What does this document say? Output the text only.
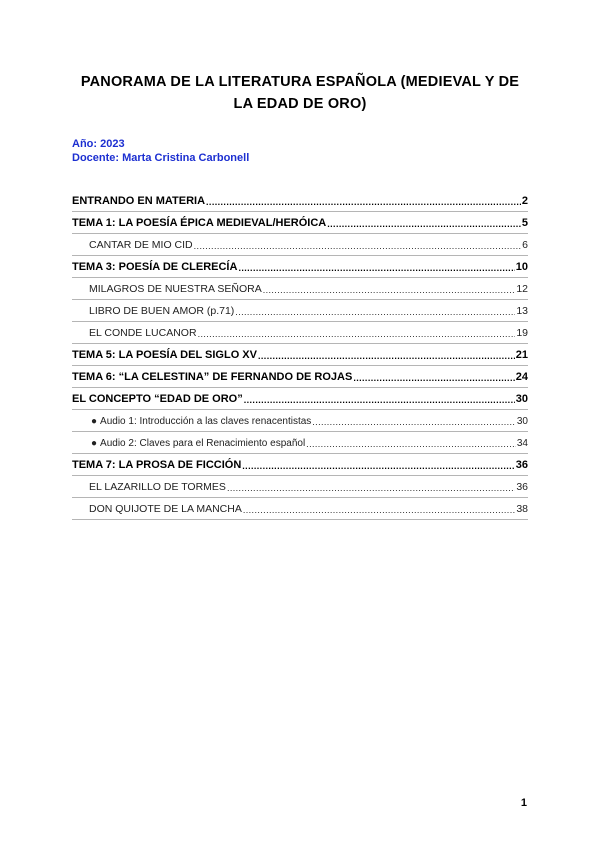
PANORAMA DE LA LITERATURA ESPAÑOLA (MEDIEVAL Y DE
LA EDAD DE ORO)
Año: 2023
Docente: Marta Cristina Carbonell
ENTRANDO EN MATERIA .....	2
TEMA 1: LA POESÍA ÉPICA MEDIEVAL/HERÓICA .....	5
CANTAR DE MIO CID .....	6
TEMA 3: POESÍA DE CLERECÍA .....	10
MILAGROS DE NUESTRA SEÑORA .....	12
LIBRO DE BUEN AMOR (p.71) .....	13
EL CONDE LUCANOR .....	19
TEMA 5: LA POESÍA DEL SIGLO XV .....	21
TEMA 6: “LA CELESTINA” DE FERNANDO DE ROJAS .....	24
EL CONCEPTO “EDAD DE ORO” .....	30
● Audio 1: Introducción a las claves renacentistas .....	30
● Audio 2: Claves para el Renacimiento español .....	34
TEMA 7: LA PROSA DE FICCIÓN .....	36
EL LAZARILLO DE TORMES .....	36
DON QUIJOTE DE LA MANCHA .....	38
1
